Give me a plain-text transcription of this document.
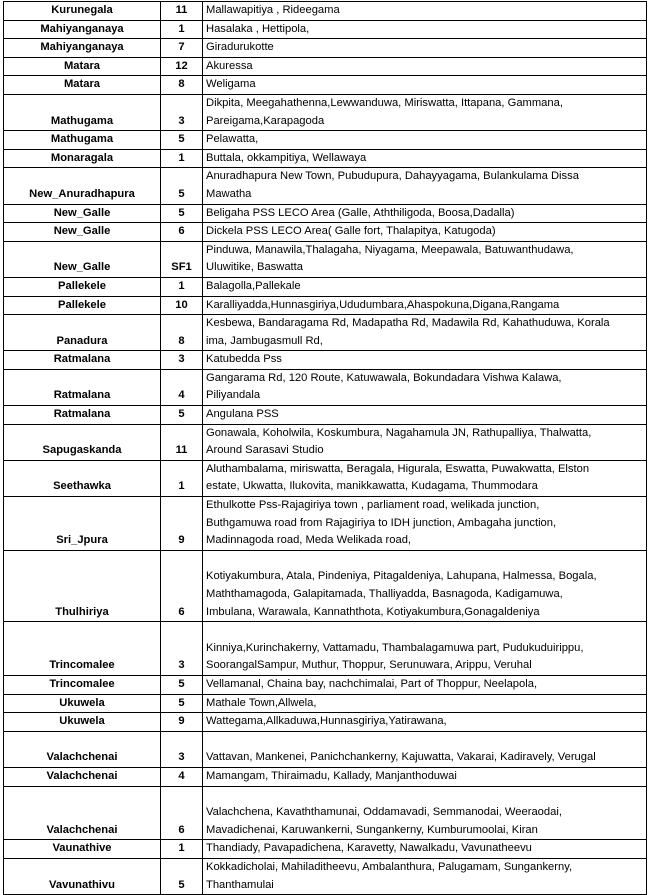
Kurunegala	11	Mallawapitiya , Rideegama
Mahiyanganaya	1	Hasalaka , Hettipola,
Mahiyanganaya	7	Giradurukotte
Matara	12	Akuressa
Matara	8	Weligama
Mathugama	3	Dikpita, Meegahathenna,Lewwanduwa, Miriswatta, Ittapana, Gammana,
Pareigama,Karapagoda
Mathugama	5	Pelawatta,
Monaragala	1	Buttala, okkampitiya, Wellawaya
New_Anuradhapura	5	Anuradhapura New Town, Pubudupura, Dahayyagama, Bulankulama Dissa
Mawatha
New_Galle	5	Beligaha PSS LECO Area (Galle, Aththiligoda, Boosa,Dadalla)
New_Galle	6	Dickela PSS LECO Area( Galle fort, Thalapitya, Katugoda)
New_Galle	SF1	Pinduwa, Manawila,Thalagaha, Niyagama, Meepawala, Batuwanthudawa,
Uluwitike, Baswatta
Pallekele	1	Balagolla,Pallekale
Pallekele	10	Karalliyadda,Hunnasgiriya,Ududumbara,Ahaspokuna,Digana,Rangama
Panadura	8	Kesbewa, Bandaragama Rd, Madapatha Rd, Madawila Rd, Kahathuduwa, Korala
ima, Jambugasmull Rd,
Ratmalana	3	Katubedda Pss
Ratmalana	4	Gangarama Rd, 120 Route, Katuwawala, Bokundadara Vishwa Kalawa,
Piliyandala
Ratmalana	5	Angulana PSS
Sapugaskanda	11	Gonawala, Koholwila, Koskumbura, Nagahamula JN, Rathupalliya, Thalwatta,
Around Sarasavi Studio
Seethawka	1	Aluthambalama, miriswatta, Beragala, Higurala, Eswatta, Puwakwatta, Elston
estate, Ukwatta, Ilukovita, manikkawatta, Kudagama, Thummodara

Sri_Jpura	9	Ethulkotte Pss-Rajagiriya town , parliament road, welikada junction,
Buthgamuwa road from Rajagiriya to IDH junction, Ambagaha junction,
Madinnagoda road, Meda Welikada road,
Thulhiriya	6	
Kotiyakumbura, Atala, Pindeniya, Pitagaldeniya, Lahupana, Halmessa, Bogala,
Maththamagoda, Galapitamada, Thalliyadda, Basnagoda, Kadigamuwa,
Imbulana, Warawala, Kannaththota, Kotiyakumbura,Gonagaldeniya
Trincomalee	3	
Kinniya,Kurinchakerny, Vattamadu, Thambalagamuwa part, Pudukuduirippu,
SoorangalSampur, Muthur, Thoppur, Serunuwara, Arippu, Veruhal
Trincomalee	5	Vellamanal, Chaina bay, nachchimalai, Part of Thoppur, Neelapola,
Ukuwela	5	Mathale Town,Allwela,
Ukuwela	9	Wattegama,Allkaduwa,Hunnasgiriya,Yatirawana,
Valachchenai	3	
Vattavan, Mankenei, Panichchankerny, Kajuwatta, Vakarai, Kadiravely, Verugal
Valachchenai	4	Mamangam, Thiraimadu, Kallady, Manjanthoduwai
Valachchenai	6	
Valachchena, Kavaththamunai, Oddamavadi, Semmanodai, Weeraodai,
Mavadichenai, Karuwankerni, Sungankerny, Kumburumoolai, Kiran
Vaunathive	1	Thandiady, Pavapadichena, Karavetty, Nawalkadu, Vavunatheevu
Vavunathivu	5	Kokkadicholai, Mahiladitheevu, Ambalanthura, Palugamam, Sungankerny,
Thanthamulai
